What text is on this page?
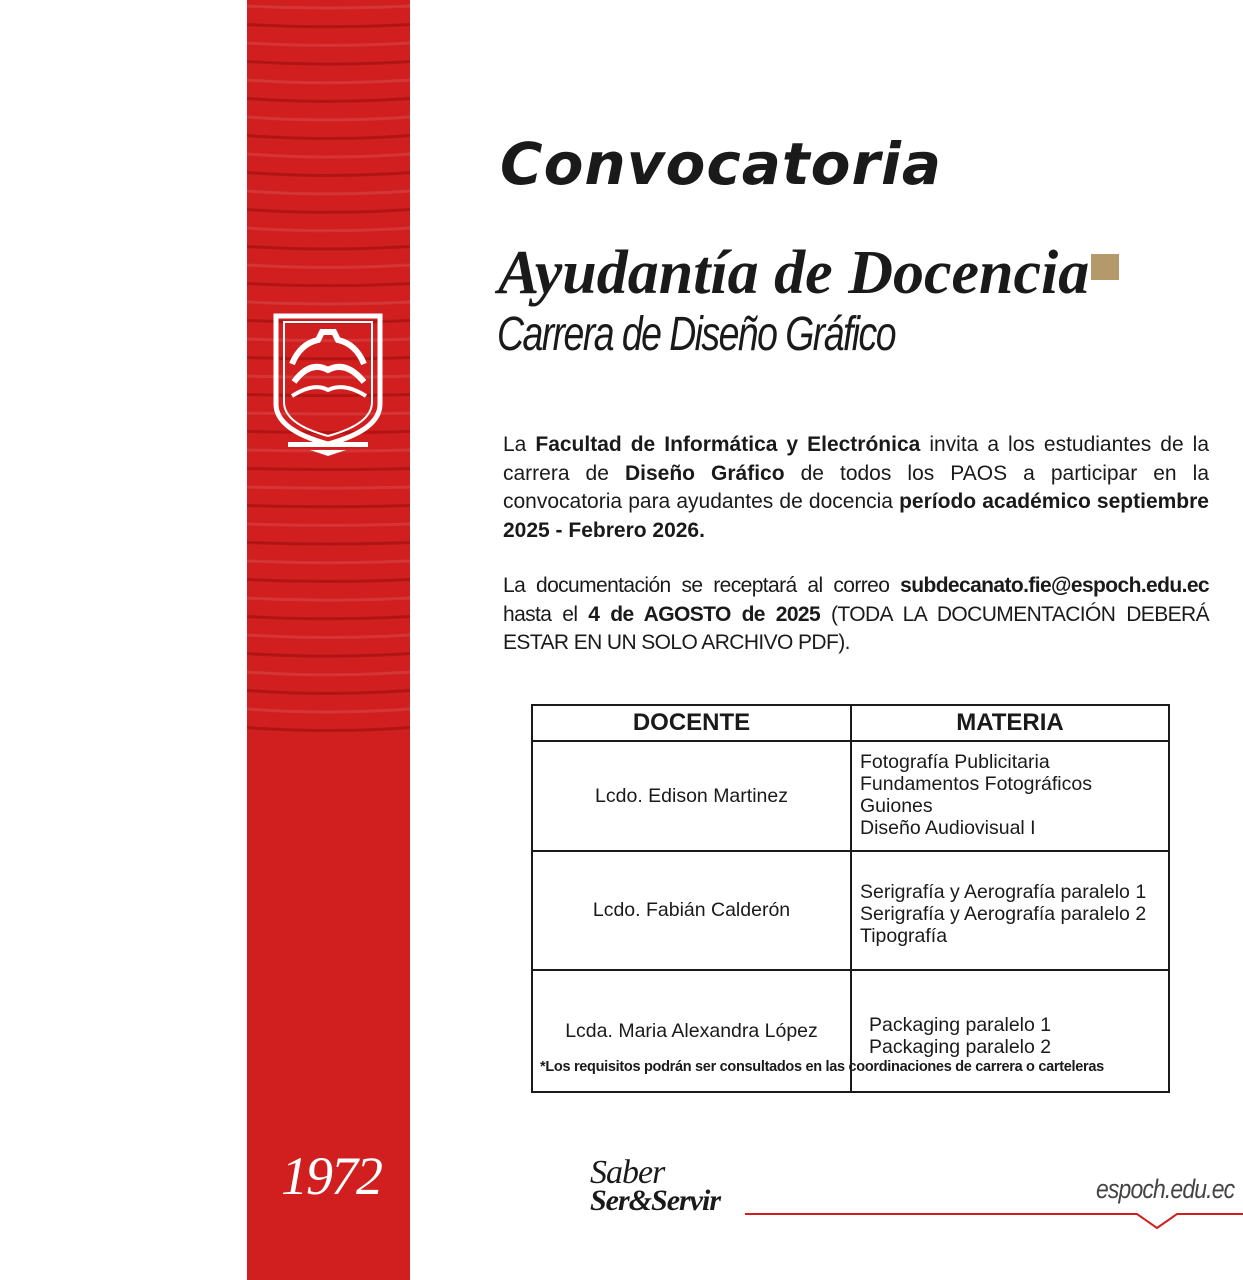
1972
Convocatoria
Ayudantía de Docencia
Carrera de Diseño Gráfico

La Facultad de Informática y Electrónica invita a los estudiantes de la carrera de Diseño Gráfico de todos los PAOS a participar en la convocatoria para ayudantes de docencia período académico septiembre 2025 - Febrero 2026.

La documentación se receptará al correo subdecanato.fie@espoch.edu.ec hasta el 4 de AGOSTO de 2025 (TODA LA DOCUMENTACIÓN DEBERÁ ESTAR EN UN SOLO ARCHIVO PDF).

DOCENTE	MATERIA
Lcdo. Edison Martinez	Fotografía Publicitaria
Fundamentos Fotográficos
Guiones
Diseño Audiovisual I

Lcdo. Fabián Calderón	Serigrafía y Aerografía paralelo 1
Serigrafía y Aerografía paralelo 2
Tipografía

Lcda. Maria Alexandra López	Packaging paralelo 1
Packaging paralelo 2

*Los requisitos podrán ser consultados en las coordinaciones de carrera o carteleras

Saber
Ser&Servir	espoch.edu.ec
